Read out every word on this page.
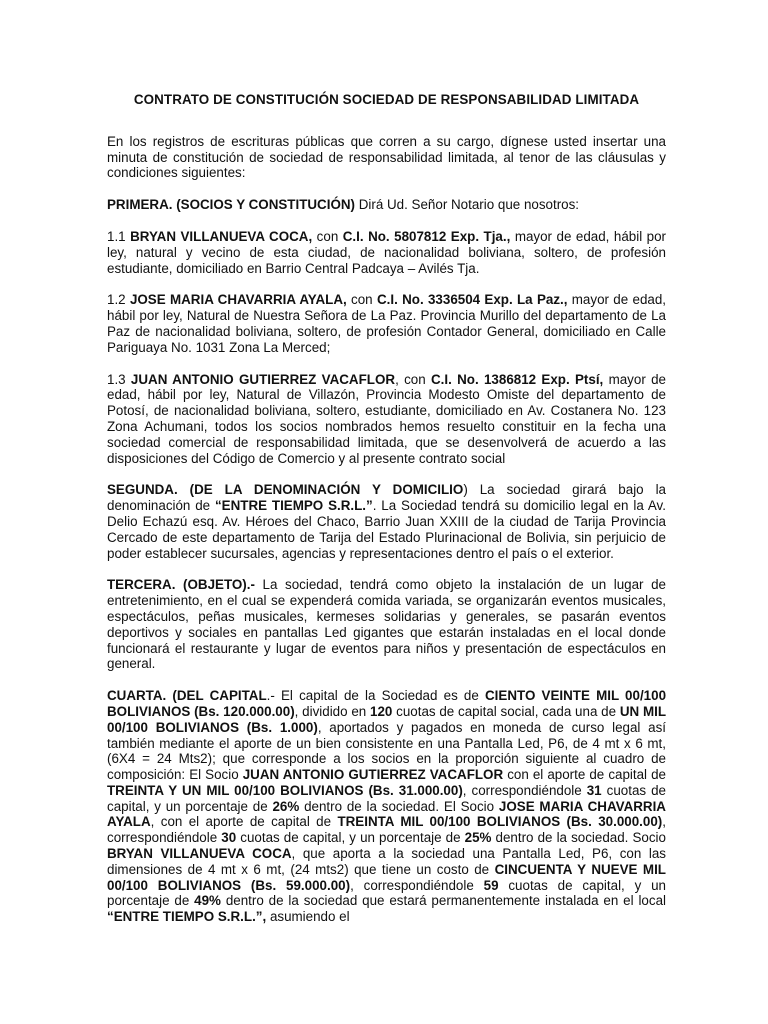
CONTRATO DE CONSTITUCIÓN SOCIEDAD DE RESPONSABILIDAD LIMITADA

En los registros de escrituras públicas que corren a su cargo, dígnese usted insertar una minuta de constitución de sociedad de responsabilidad limitada, al tenor de las cláusulas y condiciones siguientes:

PRIMERA. (SOCIOS Y CONSTITUCIÓN) Dirá Ud. Señor Notario que nosotros:

1.1 BRYAN VILLANUEVA COCA, con C.I. No. 5807812 Exp. Tja., mayor de edad, hábil por ley, natural y vecino de esta ciudad, de nacionalidad boliviana, soltero, de profesión estudiante, domiciliado en Barrio Central Padcaya – Avilés Tja.

1.2 JOSE MARIA CHAVARRIA AYALA, con C.I. No. 3336504 Exp. La Paz., mayor de edad, hábil por ley, Natural de Nuestra Señora de La Paz. Provincia Murillo del departamento de La Paz de nacionalidad boliviana, soltero, de profesión Contador General, domiciliado en Calle Pariguaya No. 1031 Zona La Merced;

1.3 JUAN ANTONIO GUTIERREZ VACAFLOR, con C.I. No. 1386812 Exp. Ptsí, mayor de edad, hábil por ley, Natural de Villazón, Provincia Modesto Omiste del departamento de Potosí, de nacionalidad boliviana, soltero, estudiante, domiciliado en Av. Costanera No. 123 Zona Achumani, todos los socios nombrados hemos resuelto constituir en la fecha una sociedad comercial de responsabilidad limitada, que se desenvolverá de acuerdo a las disposiciones del Código de Comercio y al presente contrato social

SEGUNDA. (DE LA DENOMINACIÓN Y DOMICILIO) La sociedad girará bajo la denominación de “ENTRE TIEMPO S.R.L.”. La Sociedad tendrá su domicilio legal en la Av. Delio Echazú esq. Av. Héroes del Chaco, Barrio Juan XXIII de la ciudad de Tarija Provincia Cercado de este departamento de Tarija del Estado Plurinacional de Bolivia, sin perjuicio de poder establecer sucursales, agencias y representaciones dentro el país o el exterior.

TERCERA. (OBJETO).- La sociedad, tendrá como objeto la instalación de un lugar de entretenimiento, en el cual se expenderá comida variada, se organizarán eventos musicales, espectáculos, peñas musicales, kermeses solidarias y generales, se pasarán eventos deportivos y sociales en pantallas Led gigantes que estarán instaladas en el local donde funcionará el restaurante y lugar de eventos para niños y presentación de espectáculos en general.

CUARTA. (DEL CAPITAL.- El capital de la Sociedad es de CIENTO VEINTE MIL 00/100 BOLIVIANOS (Bs. 120.000.00), dividido en 120 cuotas de capital social, cada una de UN MIL 00/100 BOLIVIANOS (Bs. 1.000), aportados y pagados en moneda de curso legal así también mediante el aporte de un bien consistente en una Pantalla Led, P6, de 4 mt x 6 mt, (6X4 = 24 Mts2); que corresponde a los socios en la proporción siguiente al cuadro de composición: El Socio JUAN ANTONIO GUTIERREZ VACAFLOR con el aporte de capital de TREINTA Y UN MIL 00/100 BOLIVIANOS (Bs. 31.000.00), correspondiéndole 31 cuotas de capital, y un porcentaje de 26% dentro de la sociedad. El Socio JOSE MARIA CHAVARRIA AYALA, con el aporte de capital de TREINTA MIL 00/100 BOLIVIANOS (Bs. 30.000.00), correspondiéndole 30 cuotas de capital, y un porcentaje de 25% dentro de la sociedad. Socio BRYAN VILLANUEVA COCA, que aporta a la sociedad una Pantalla Led, P6, con las dimensiones de 4 mt x 6 mt, (24 mts2) que tiene un costo de CINCUENTA Y NUEVE MIL 00/100 BOLIVIANOS (Bs. 59.000.00), correspondiéndole 59 cuotas de capital, y un porcentaje de 49% dentro de la sociedad que estará permanentemente instalada en el local “ENTRE TIEMPO S.R.L.”, asumiendo el
